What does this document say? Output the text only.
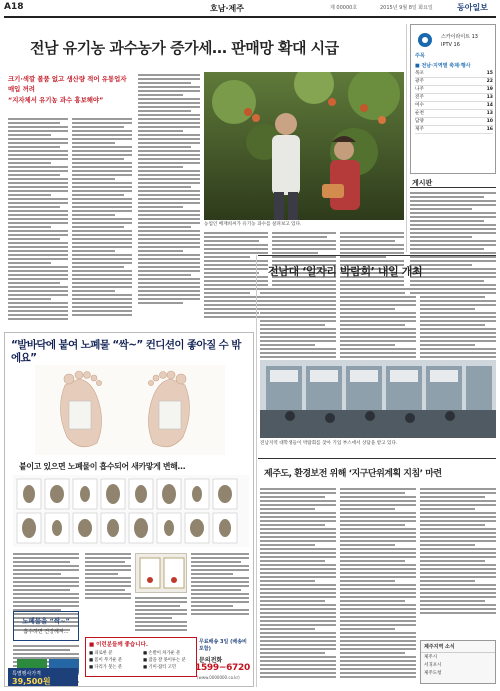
A18	호남·제주	제 00000호	2015년 9월 8일 화요일	동아일보
전남 유기농 과수농가 증가세… 판매망 확대 시급
크기·색깔 볼품 없고 생산량 적어 유통업자 매입 꺼려
“지자체서 유기농 과수 홍보해야”
농업인 배재희씨가 유기농 과수를 살펴보고 있다.
주목
스카이라이트 13
IPTV 16
■ 전남·지역별 축제·행사
목포	15
광주	22
나주	19
전주	13
여수	14
순천	13
담양	10
제주	16
게시판
“발바닥에 붙여 노폐물 “싹~” 컨디션이 좋아질 수 밖에요”
붙이고 있으면 노폐물이 흡수되어 새카맣게 변해…
노폐물을 “싹~”
흡수하면 건강해져…
■ 이런분들께 좋습니다.
■ 피로한 분	■ 손발이 차가운 분
■ 몸이 무거운 분	■ 잠을 잘 못이루는 분
■ 다리가 붓는 분	■ 기미·잡티 고민
무료배송 3일 (배송비 포함)
문의전화
1599−6720
(www.0000000.co.kr)
특별행사가격
39,500원
전남대 ‘일자리 박람회’ 내일 개최
전남지역 대학생들이 박람회를 찾아 기업 부스에서 상담을 받고 있다.
제주도, 환경보전 위해 ‘지구단위계획 지침’ 마련
제주지역 소식
제주시
서귀포시
제주도청
